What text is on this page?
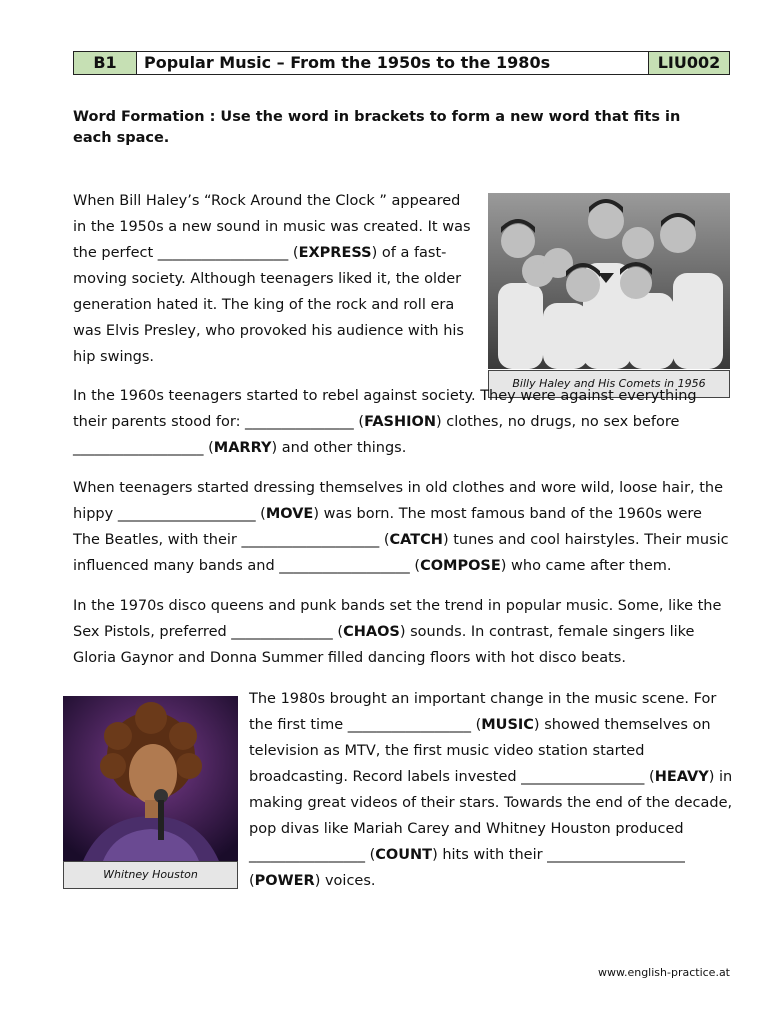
B1	Popular Music – From the 1950s to the 1980s	LIU002
Word Formation : Use the word in brackets to form a new word that fits in each space.
When Bill Haley’s “Rock Around the Clock ” appeared in the 1950s a new sound in music was created. It was the perfect __________________ (EXPRESS) of a fast-moving society. Although teenagers liked it, the older generation hated it. The king of the rock and roll era was Elvis Presley, who provoked his audience with his hip swings.
Billy Haley and His Comets in 1956
In the 1960s teenagers started to rebel against society. They were against everything their parents stood for: _______________ (FASHION) clothes, no drugs, no sex before __________________ (MARRY) and other things.
When teenagers started dressing themselves in old clothes and wore wild, loose hair, the hippy ___________________ (MOVE) was born. The most famous band of the 1960s were The Beatles, with their ___________________ (CATCH) tunes and cool hairstyles. Their music influenced many bands and __________________ (COMPOSE) who came after them.
In the 1970s disco queens and punk bands set the trend in popular music. Some, like the Sex Pistols, preferred ______________ (CHAOS) sounds. In contrast, female singers like Gloria Gaynor and Donna Summer filled dancing floors with hot disco beats.
Whitney Houston
The 1980s brought an important change in the music scene. For the first time _________________ (MUSIC) showed themselves on television as MTV, the first music video station started broadcasting. Record labels invested _________________ (HEAVY) in making great videos of their stars. Towards the end of the decade, pop divas like Mariah Carey and Whitney Houston produced ________________ (COUNT) hits with their ___________________ (POWER) voices.
www.english-practice.at
